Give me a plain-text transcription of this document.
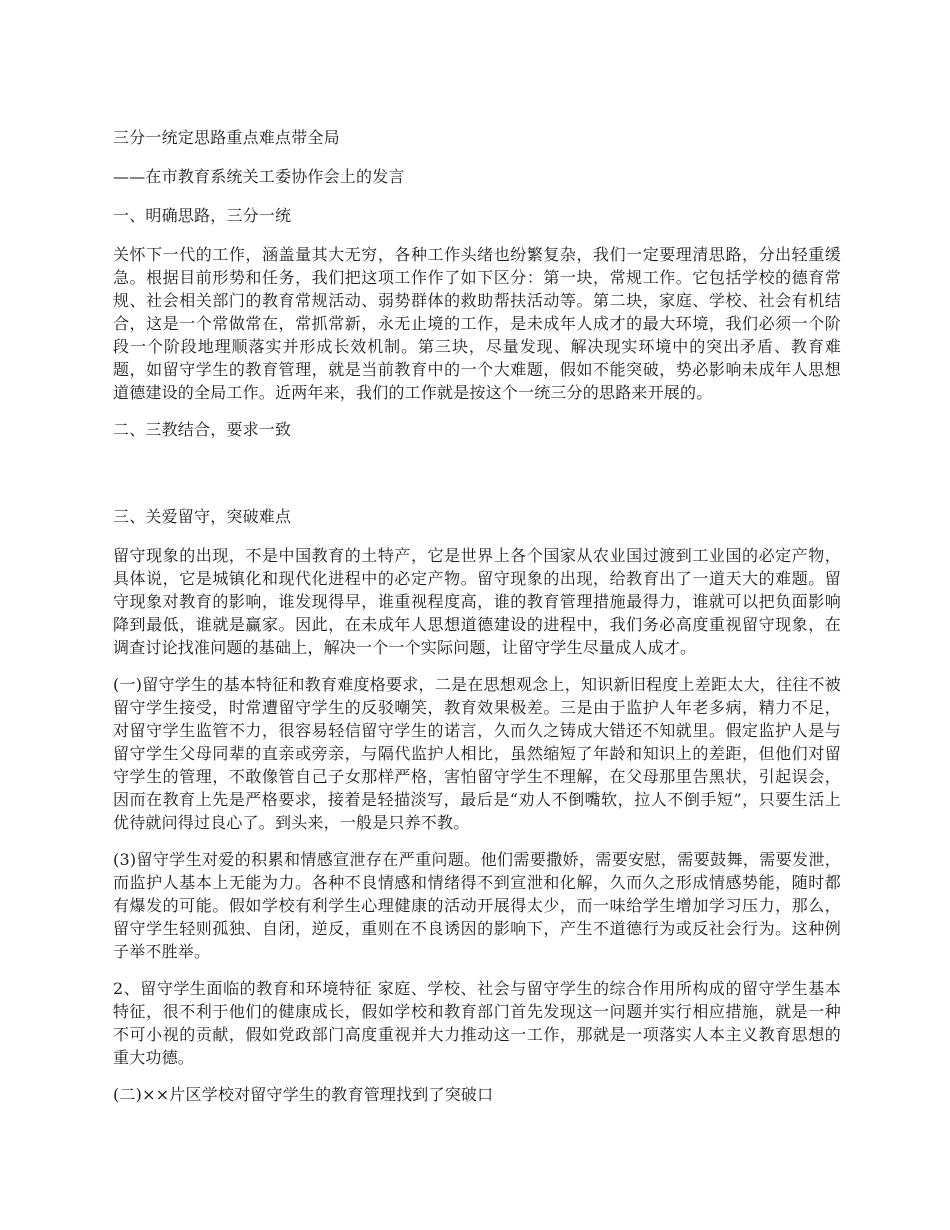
三分一统定思路重点难点带全局

——在市教育系统关工委协作会上的发言

一、明确思路，三分一统

关怀下一代的工作，涵盖量其大无穷，各种工作头绪也纷繁复杂，我们一定要理清思路，分出轻重缓急。根据目前形势和任务，我们把这项工作作了如下区分：第一块，常规工作。它包括学校的德育常规、社会相关部门的教育常规活动、弱势群体的救助帮扶活动等。第二块，家庭、学校、社会有机结合，这是一个常做常在，常抓常新，永无止境的工作，是未成年人成才的最大环境，我们必须一个阶段一个阶段地理顺落实并形成长效机制。第三块，尽量发现、解决现实环境中的突出矛盾、教育难题，如留守学生的教育管理，就是当前教育中的一个大难题，假如不能突破，势必影响未成年人思想道德建设的全局工作。近两年来，我们的工作就是按这个一统三分的思路来开展的。

二、三教结合，要求一致

三、关爱留守，突破难点

留守现象的出现，不是中国教育的土特产，它是世界上各个国家从农业国过渡到工业国的必定产物，具体说，它是城镇化和现代化进程中的必定产物。留守现象的出现，给教育出了一道天大的难题。留守现象对教育的影响，谁发现得早，谁重视程度高，谁的教育管理措施最得力，谁就可以把负面影响降到最低，谁就是赢家。因此，在未成年人思想道德建设的进程中，我们务必高度重视留守现象，在调查讨论找准问题的基础上，解决一个一个实际问题，让留守学生尽量成人成才。

(一)留守学生的基本特征和教育难度格要求，二是在思想观念上，知识新旧程度上差距太大，往往不被留守学生接受，时常遭留守学生的反驳嘲笑，教育效果极差。三是由于监护人年老多病，精力不足，对留守学生监管不力，很容易轻信留守学生的诺言，久而久之铸成大错还不知就里。假定监护人是与留守学生父母同辈的直亲或旁亲，与隔代监护人相比，虽然缩短了年龄和知识上的差距，但他们对留守学生的管理，不敢像管自己子女那样严格，害怕留守学生不理解，在父母那里告黑状，引起误会，因而在教育上先是严格要求，接着是轻描淡写，最后是“劝人不倒嘴软，拉人不倒手短”，只要生活上优待就问得过良心了。到头来，一般是只养不教。

(3)留守学生对爱的积累和情感宣泄存在严重问题。他们需要撒娇，需要安慰，需要鼓舞，需要发泄，而监护人基本上无能为力。各种不良情感和情绪得不到宣泄和化解，久而久之形成情感势能，随时都有爆发的可能。假如学校有利学生心理健康的活动开展得太少，而一味给学生增加学习压力，那么，留守学生轻则孤独、自闭，逆反，重则在不良诱因的影响下，产生不道德行为或反社会行为。这种例子举不胜举。

2、留守学生面临的教育和环境特征 家庭、学校、社会与留守学生的综合作用所构成的留守学生基本特征，很不利于他们的健康成长，假如学校和教育部门首先发现这一问题并实行相应措施，就是一种不可小视的贡献，假如党政部门高度重视并大力推动这一工作，那就是一项落实人本主义教育思想的重大功德。

(二)××片区学校对留守学生的教育管理找到了突破口
